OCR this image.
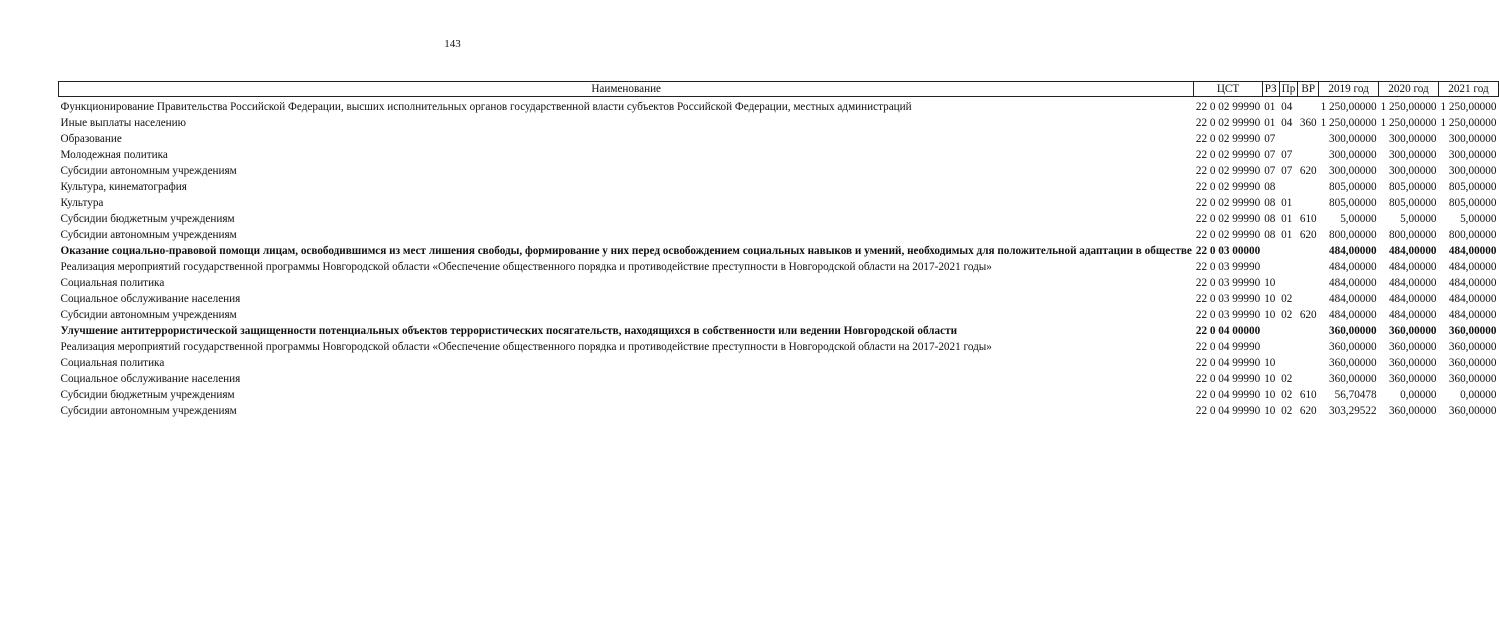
143
Наименование	ЦСТ	РЗ	Пр	ВР	2019 год	2020 год	2021 год
Функционирование Правительства Российской Федерации, высших исполнительных органов государственной власти субъектов Российской Федерации, местных администраций	22 0 02 99990	01	04		1 250,00000	1 250,00000	1 250,00000
Иные выплаты населению	22 0 02 99990	01	04	360	1 250,00000	1 250,00000	1 250,00000
Образование	22 0 02 99990	07			300,00000	300,00000	300,00000
Молодежная политика	22 0 02 99990	07	07		300,00000	300,00000	300,00000
Субсидии автономным учреждениям	22 0 02 99990	07	07	620	300,00000	300,00000	300,00000
Культура, кинематография	22 0 02 99990	08			805,00000	805,00000	805,00000
Культура	22 0 02 99990	08	01		805,00000	805,00000	805,00000
Субсидии бюджетным учреждениям	22 0 02 99990	08	01	610	5,00000	5,00000	5,00000
Субсидии автономным учреждениям	22 0 02 99990	08	01	620	800,00000	800,00000	800,00000
Оказание социально-правовой помощи лицам, освободившимся из мест лишения свободы, формирование у них перед освобождением социальных навыков и умений, необходимых для положительной адаптации в обществе	22 0 03 00000				484,00000	484,00000	484,00000
Реализация мероприятий государственной программы Новгородской области «Обеспечение общественного порядка и противодействие преступности в Новгородской области на 2017-2021 годы»	22 0 03 99990				484,00000	484,00000	484,00000
Социальная политика	22 0 03 99990	10			484,00000	484,00000	484,00000
Социальное обслуживание населения	22 0 03 99990	10	02		484,00000	484,00000	484,00000
Субсидии автономным учреждениям	22 0 03 99990	10	02	620	484,00000	484,00000	484,00000
Улучшение антитеррористической защищенности потенциальных объектов террористических посягательств, находящихся в собственности или ведении Новгородской области	22 0 04 00000				360,00000	360,00000	360,00000
Реализация мероприятий государственной программы Новгородской области «Обеспечение общественного порядка и противодействие преступности в Новгородской области на 2017-2021 годы»	22 0 04 99990				360,00000	360,00000	360,00000
Социальная политика	22 0 04 99990	10			360,00000	360,00000	360,00000
Социальное обслуживание населения	22 0 04 99990	10	02		360,00000	360,00000	360,00000
Субсидии бюджетным учреждениям	22 0 04 99990	10	02	610	56,70478	0,00000	0,00000
Субсидии автономным учреждениям	22 0 04 99990	10	02	620	303,29522	360,00000	360,00000
